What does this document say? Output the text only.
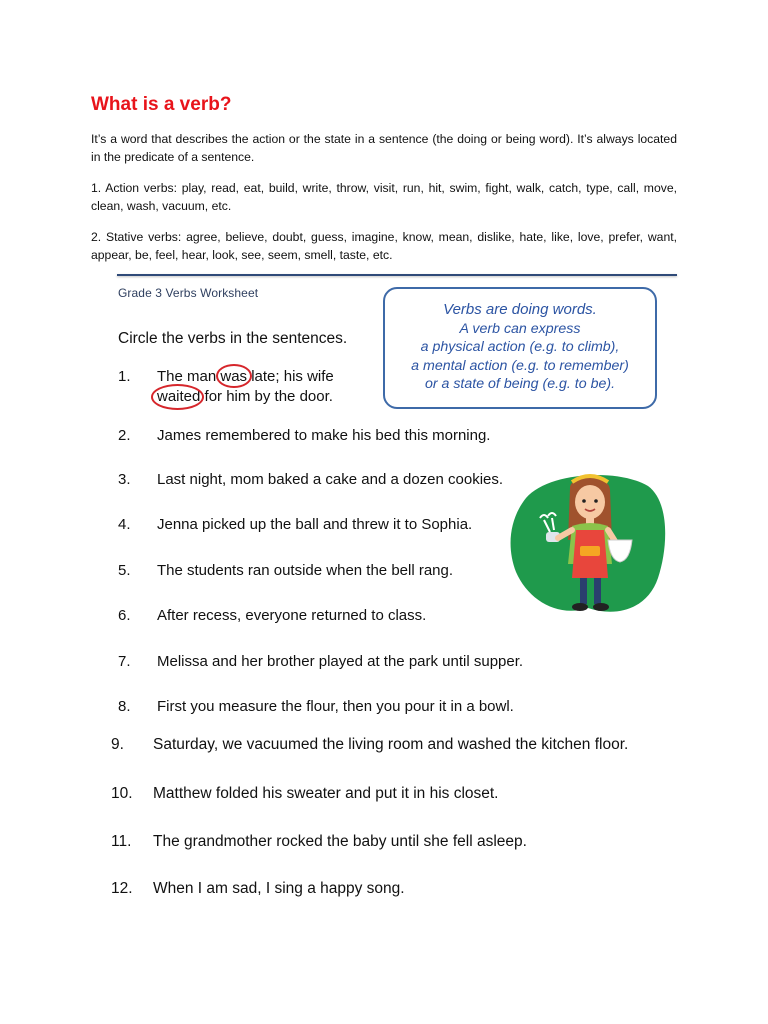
What is a verb?

It’s a word that describes the action or the state in a sentence (the doing or being word). It’s always located in the predicate of a sentence.

1. Action verbs: play, read, eat, build, write, throw, visit, run, hit, swim, fight, walk, catch, type, call, move, clean, wash, vacuum, etc.

2. Stative verbs: agree, believe, doubt, guess, imagine, know, mean, dislike, hate, like, love, prefer, want, appear, be, feel, hear, look, see, seem, smell, taste, etc.

Grade 3 Verbs Worksheet
Circle the verbs in the sentences.
Verbs are doing words.
A verb can express
a physical action (e.g. to climb),
a mental action (e.g. to remember)
or a state of being (e.g. to be).
1. The man was late; his wife
waited for him by the door.
2. James remembered to make his bed this morning.
3. Last night, mom baked a cake and a dozen cookies.
4. Jenna picked up the ball and threw it to Sophia.
5. The students ran outside when the bell rang.
6. After recess, everyone returned to class.
7. Melissa and her brother played at the park until supper.
8. First you measure the flour, then you pour it in a bowl.
9. Saturday, we vacuumed the living room and washed the kitchen floor.
10. Matthew folded his sweater and put it in his closet.
11. The grandmother rocked the baby until she fell asleep.
12. When I am sad, I sing a happy song.
